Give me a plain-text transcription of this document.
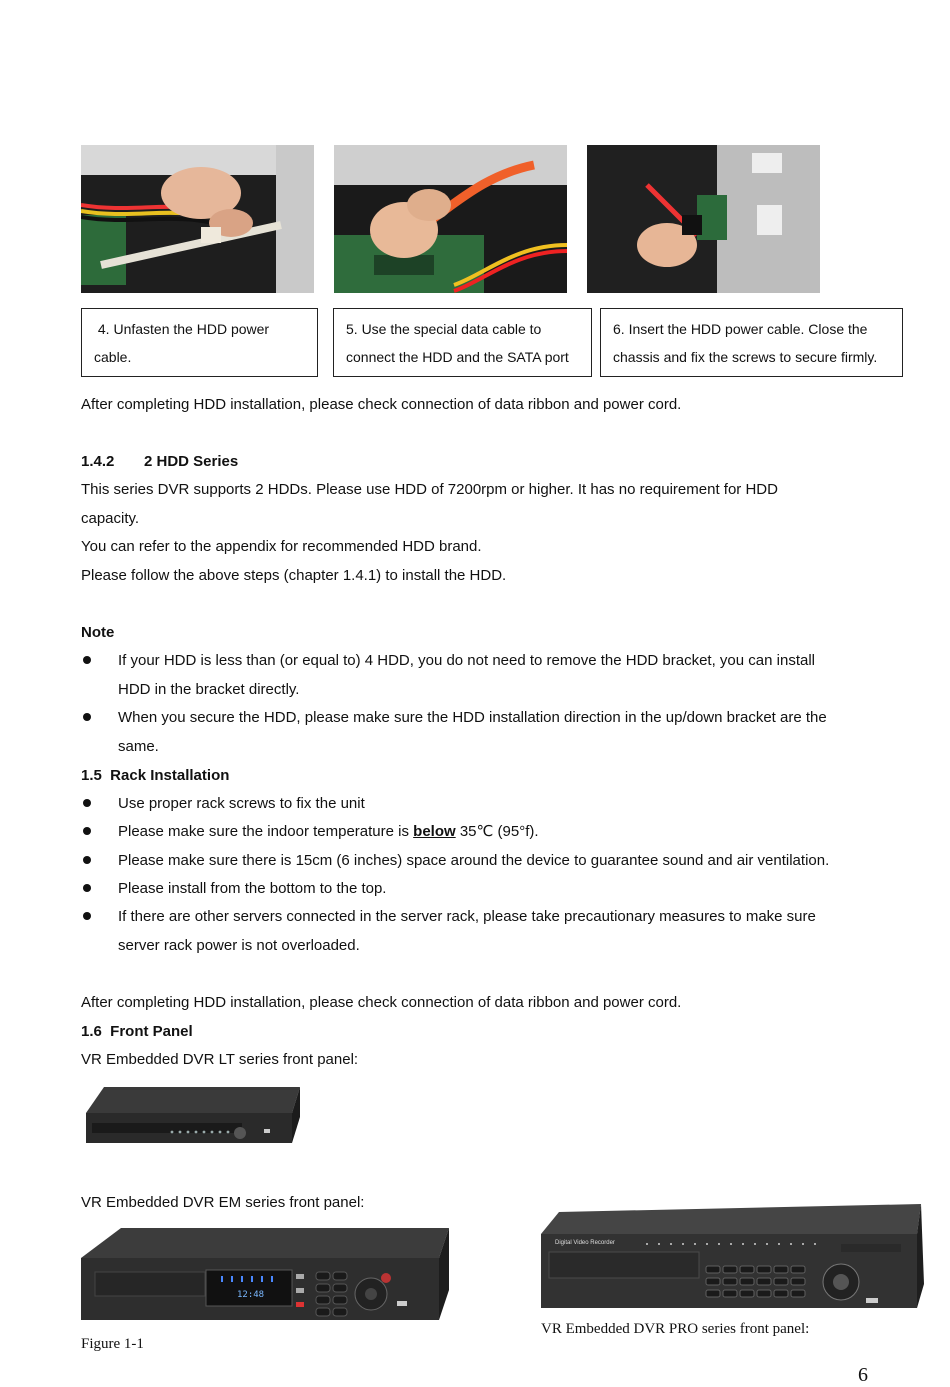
4. Unfasten the HDD power
cable.
5. Use the special data cable to
connect the HDD and the SATA port
6. Insert the HDD power cable. Close the
chassis and fix the screws to secure firmly.
After completing HDD installation, please check connection of data ribbon and power cord.
1.4.2 2 HDD Series
This series DVR supports 2 HDDs. Please use HDD of 7200rpm or higher. It has no requirement for HDD
capacity.
You can refer to the appendix for recommended HDD brand.
Please follow the above steps (chapter 1.4.1) to install the HDD.
Note
If your HDD is less than (or equal to) 4 HDD, you do not need to remove the HDD bracket, you can install
HDD in the bracket directly.
When you secure the HDD, please make sure the HDD installation direction in the up/down bracket are the
same.
1.5  Rack Installation
Use proper rack screws to fix the unit
Please make sure the indoor temperature is below 35℃ (95°f).
Please make sure there is 15cm (6 inches) space around the device to guarantee sound and air ventilation.
Please install from the bottom to the top.
If there are other servers connected in the server rack, please take precautionary measures to make sure
server rack power is not overloaded.
After completing HDD installation, please check connection of data ribbon and power cord.
1.6  Front Panel
VR Embedded DVR LT series front panel:
VR Embedded DVR EM series front panel:
12:48
Digital Video Recorder
VR Embedded DVR PRO series front panel:
Figure 1-1
6
